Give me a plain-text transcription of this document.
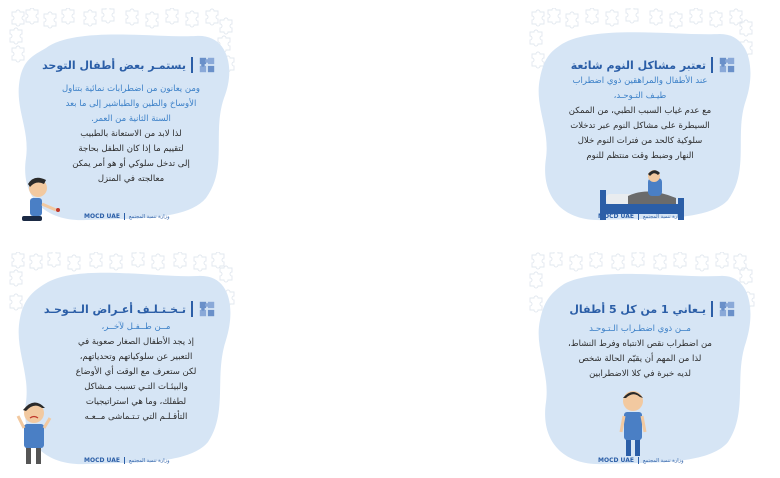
يستمـر بعض أطفال التوحد
ومن يعانون من اضطرابات نمائية بتناول
الأوساخ والطين والطباشير إلى ما بعد
السنة الثانية من العمر.
لذا لابد من الاستعانة بالطبيب
لتقييم ما إذا كان الطفل بحاجة
إلى تدخل سلوكي أو هو أمر يمكن
معالجته في المنزل
وزارة تنمية المجتمع
MOCD UAE
تعتبر مشاكل النوم شائعة
عند الأطفال والمراهقين ذوي اضطراب
طيـف التـوحـد،
مع عدم غياب السبب الطبي، من الممكن
السيطرة على مشاكل النوم عبر تدخلات
سلوكية كالحد من فترات النوم خلال
النهار وضبط وقت منتظم للنوم
وزارة تنمية المجتمع
MOCD UAE
تـخـتـلـف أعـراض الـتـوحـد
مــن طــفـل لآخــر،
إذ يجد الأطفال الصغار صعوبة في
التعبير عن سلوكياتهم وتحدياتهم،
لكن ستعرف مع الوقت أي الأوضاع
والبيئـات التـي تسبب مـشاكل
لطفلك، وما هي استراتيجيات
التأقـلـم التي تـتـماشى مــعـه
وزارة تنمية المجتمع
MOCD UAE
يـعاني 1 من كل 5 أطفال
مــن ذوي اضطـراب الـتـوحـد
من اضطراب نقص الانتباه وفرط النشاط،
لذا من المهم أن يقيّم الحالة شخص
لديه خبرة في كلا الاضطرابين
وزارة تنمية المجتمع
MOCD UAE
